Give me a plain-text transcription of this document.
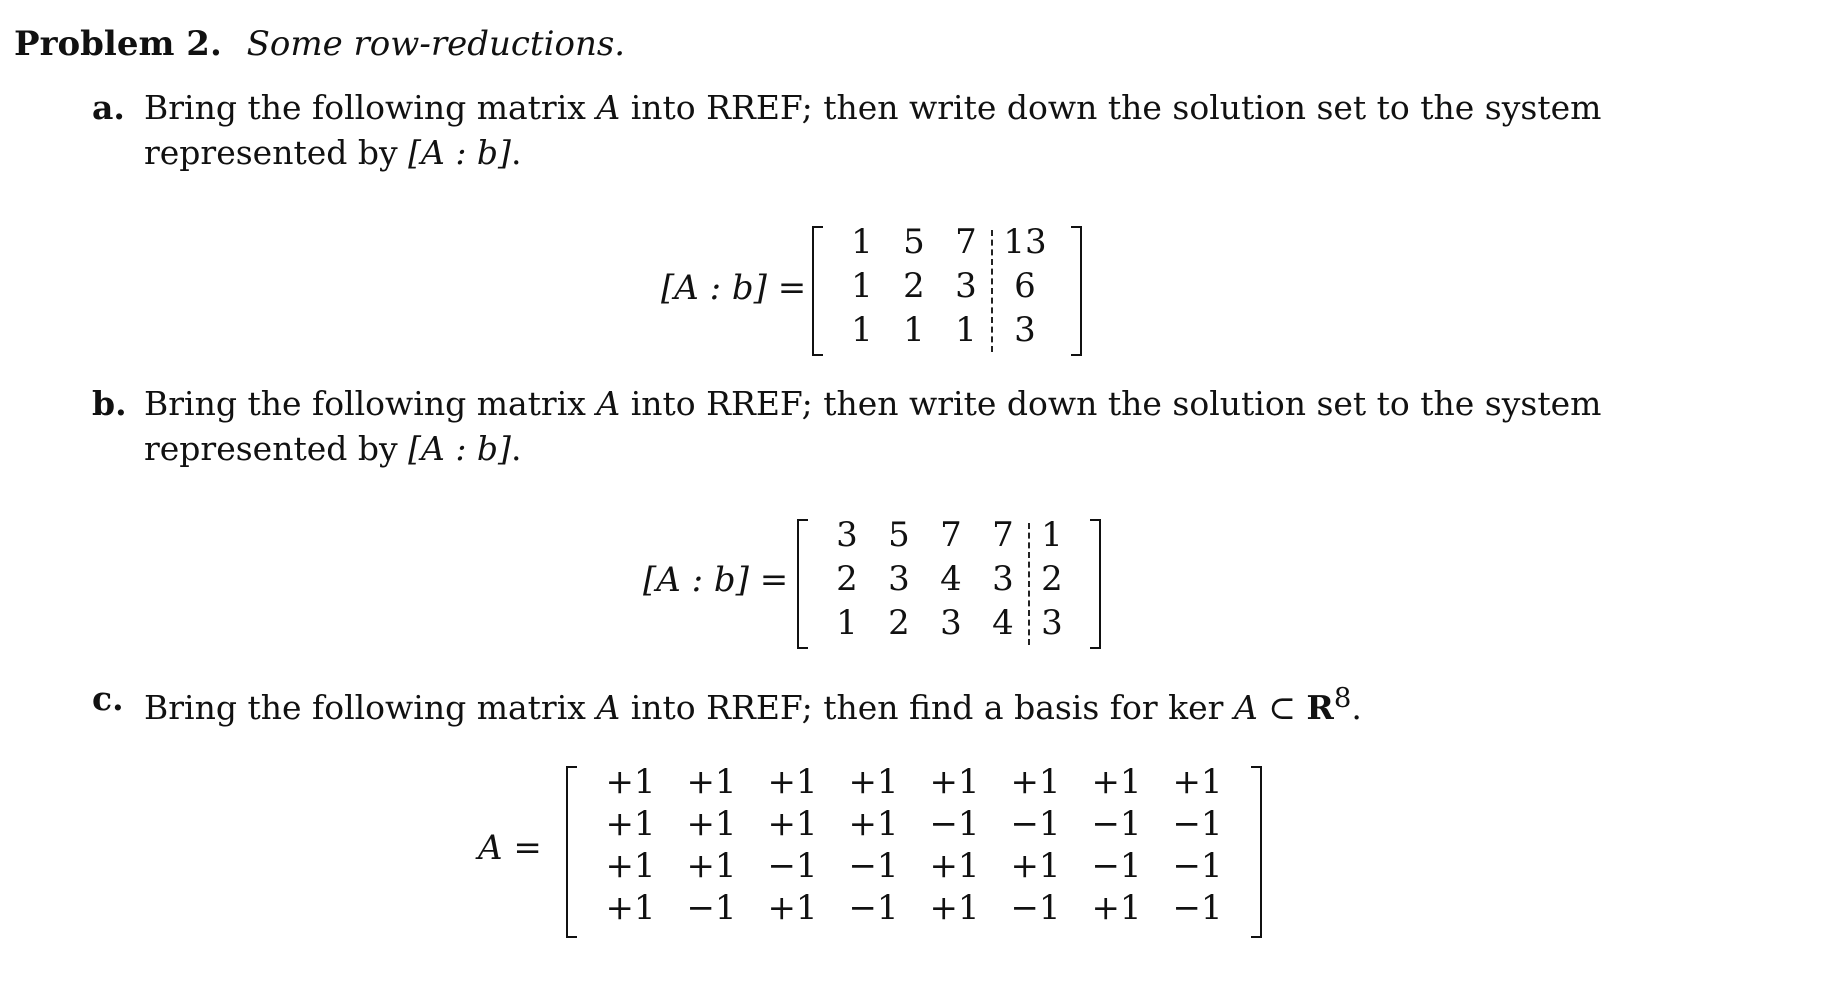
Problem 2. Some row-reductions.
a. Bring the following matrix A into RREF; then write down the solution set to the system represented by [A : b].
[A : b] =
1 5 7 13
1 2 3	6
1 1 1	3
b. Bring the following matrix A into RREF; then write down the solution set to the system represented by [A : b].
[A : b] =
3 5 7 7 1
2 3 4 3 2
1 2 3 4 3
c. Bring the following matrix A into RREF; then find a basis for ker A ⊂ $R^8$.
A =
+1 +1 +1 +1 +1 +1 +1 +1
+1 +1 +1 +1 −1 −1 −1 −1
+1 +1 −1 −1 +1 +1 −1 −1
+1 −1 +1 −1 +1 −1 +1 −1
